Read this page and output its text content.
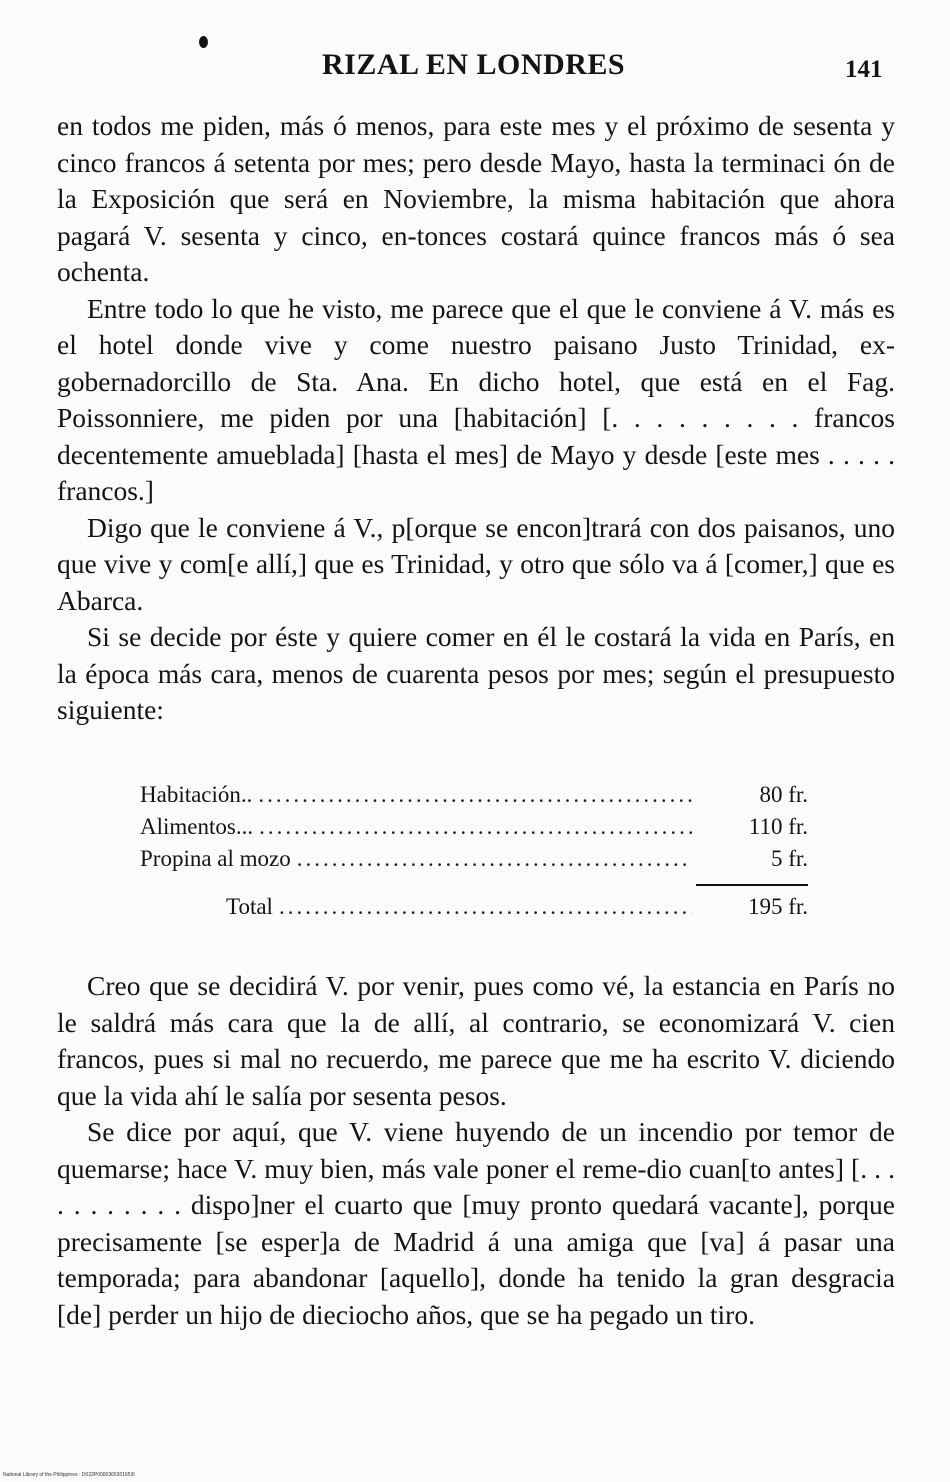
RIZAL EN LONDRES	141

en todos me piden, más ó menos, para este mes y el próximo de sesenta y cinco francos á setenta por mes; pero desde Mayo, hasta la terminaci ón de la Exposición que será en Noviembre, la misma habitación que ahora pagará V. sesenta y cinco, en-tonces costará quince francos más ó sea ochenta.

Entre todo lo que he visto, me parece que el que le conviene á V. más es el hotel donde vive y come nuestro paisano Justo Trinidad, ex-gobernadorcillo de Sta. Ana. En dicho hotel, que está en el Fag. Poissonniere, me piden por una [habitación] [. . . . . . . . . francos decentemente amueblada] [hasta el mes] de Mayo y desde [este mes . . . . . francos.]

Digo que le conviene á V., p[orque se encon]trará con dos paisanos, uno que vive y com[e allí,] que es Trinidad, y otro que sólo va á [comer,] que es Abarca.

Si se decide por éste y quiere comer en él le costará la vida en París, en la época más cara, menos de cuarenta pesos por mes; según el presupuesto siguiente:

Habitación.. .....	80 fr.
Alimentos... .....	110 fr.
Propina al mozo .....	5 fr.
Total .....	195 fr.

Creo que se decidirá V. por venir, pues como vé, la estancia en París no le saldrá más cara que la de allí, al contrario, se economizará V. cien francos, pues si mal no recuerdo, me parece que me ha escrito V. diciendo que la vida ahí le salía por sesenta pesos.

Se dice por aquí, que V. viene huyendo de un incendio por temor de quemarse; hace V. muy bien, más vale poner el reme-dio cuan[to antes] [. . . . . . . . . . . dispo]ner el cuarto que [muy pronto quedará vacante], porque precisamente [se esper]a de Madrid á una amiga que [va] á pasar una temporada; para abandonar [aquello], donde ha tenido la gran desgracia [de] perder un hijo de dieciocho años, que se ha pegado un tiro.

National Library of the Philippines · D022P0000365301653I
